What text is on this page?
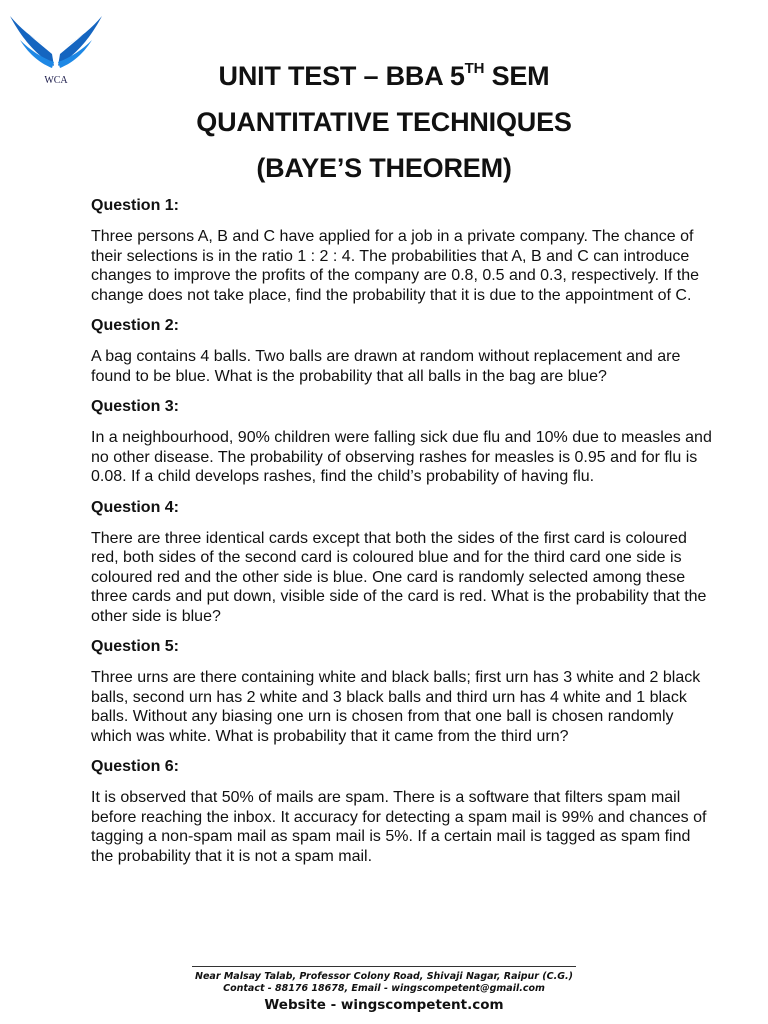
WCA	UNIT TEST – BBA 5TH SEM
QUANTITATIVE TECHNIQUES
(BAYE’S THEOREM)
Question 1:
Three persons A, B and C have applied for a job in a private company. The chance of their selections is in the ratio 1 : 2 : 4. The probabilities that A, B and C can introduce changes to improve the profits of the company are 0.8, 0.5 and 0.3, respectively. If the change does not take place, find the probability that it is due to the appointment of C.
Question 2:
A bag contains 4 balls. Two balls are drawn at random without replacement and are found to be blue. What is the probability that all balls in the bag are blue?
Question 3:
In a neighbourhood, 90% children were falling sick due flu and 10% due to measles and no other disease. The probability of observing rashes for measles is 0.95 and for flu is 0.08. If a child develops rashes, find the child’s probability of having flu.
Question 4:
There are three identical cards except that both the sides of the first card is coloured red, both sides of the second card is coloured blue and for the third card one side is coloured red and the other side is blue. One card is randomly selected among these three cards and put down, visible side of the card is red. What is the probability that the other side is blue?
Question 5:
Three urns are there containing white and black balls; first urn has 3 white and 2 black balls, second urn has 2 white and 3 black balls and third urn has 4 white and 1 black balls. Without any biasing one urn is chosen from that one ball is chosen randomly which was white. What is probability that it came from the third urn?
Question 6:
It is observed that 50% of mails are spam. There is a software that filters spam mail before reaching the inbox. It accuracy for detecting a spam mail is 99% and chances of tagging a non-spam mail as spam mail is 5%. If a certain mail is tagged as spam find the probability that it is not a spam mail.
Near Malsay Talab, Professor Colony Road, Shivaji Nagar, Raipur (C.G.)
Contact - 88176 18678, Email - wingscompetent@gmail.com
Website - wingscompetent.com
